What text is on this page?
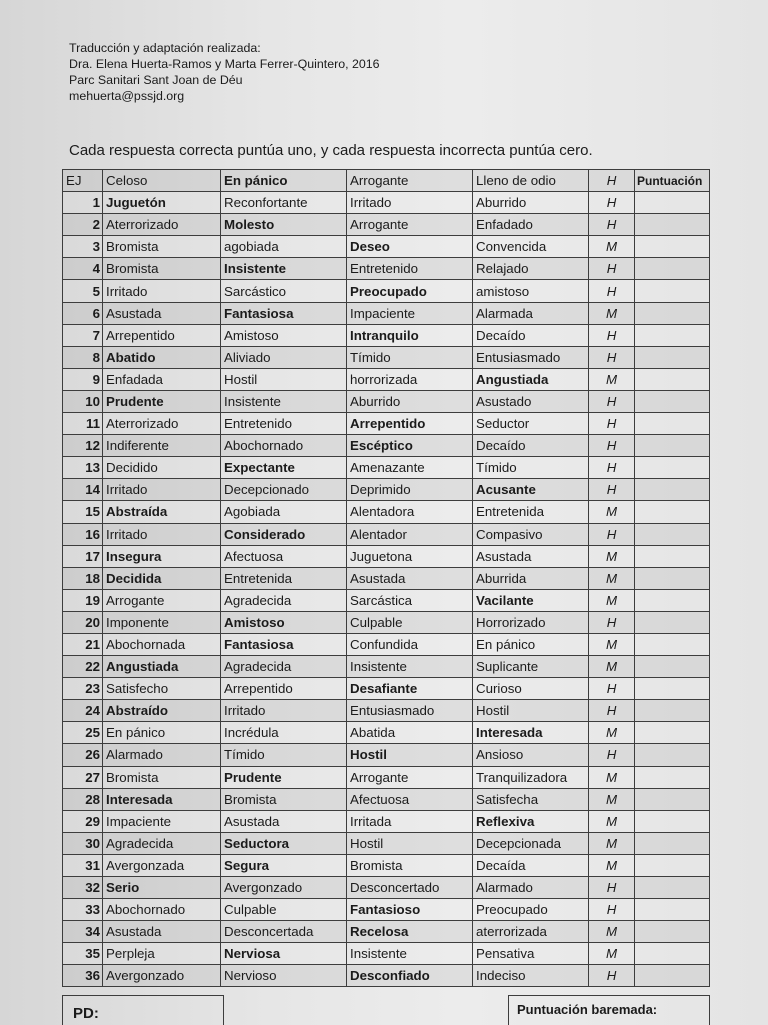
Traducción y adaptación realizada:
Dra. Elena Huerta-Ramos y Marta Ferrer-Quintero, 2016
Parc Sanitari Sant Joan de Déu
mehuerta@pssjd.org
Cada respuesta correcta puntúa uno, y cada respuesta incorrecta puntúa cero.
EJ	Celoso	En pánico	Arrogante	Lleno de odio	H	Puntuación
1	Juguetón	Reconfortante	Irritado	Aburrido	H	
2	Aterrorizado	Molesto	Arrogante	Enfadado	H	
3	Bromista	agobiada	Deseo	Convencida	M	
4	Bromista	Insistente	Entretenido	Relajado	H	
5	Irritado	Sarcástico	Preocupado	amistoso	H	
6	Asustada	Fantasiosa	Impaciente	Alarmada	M	
7	Arrepentido	Amistoso	Intranquilo	Decaído	H	
8	Abatido	Aliviado	Tímido	Entusiasmado	H	
9	Enfadada	Hostil	horrorizada	Angustiada	M	
10	Prudente	Insistente	Aburrido	Asustado	H	
11	Aterrorizado	Entretenido	Arrepentido	Seductor	H	
12	Indiferente	Abochornado	Escéptico	Decaído	H	
13	Decidido	Expectante	Amenazante	Tímido	H	
14	Irritado	Decepcionado	Deprimido	Acusante	H	
15	Abstraída	Agobiada	Alentadora	Entretenida	M	
16	Irritado	Considerado	Alentador	Compasivo	H	
17	Insegura	Afectuosa	Juguetona	Asustada	M	
18	Decidida	Entretenida	Asustada	Aburrida	M	
19	Arrogante	Agradecida	Sarcástica	Vacilante	M	
20	Imponente	Amistoso	Culpable	Horrorizado	H	
21	Abochornada	Fantasiosa	Confundida	En pánico	M	
22	Angustiada	Agradecida	Insistente	Suplicante	M	
23	Satisfecho	Arrepentido	Desafiante	Curioso	H	
24	Abstraído	Irritado	Entusiasmado	Hostil	H	
25	En pánico	Incrédula	Abatida	Interesada	M	
26	Alarmado	Tímido	Hostil	Ansioso	H	
27	Bromista	Prudente	Arrogante	Tranquilizadora	M	
28	Interesada	Bromista	Afectuosa	Satisfecha	M	
29	Impaciente	Asustada	Irritada	Reflexiva	M	
30	Agradecida	Seductora	Hostil	Decepcionada	M	
31	Avergonzada	Segura	Bromista	Decaída	M	
32	Serio	Avergonzado	Desconcertado	Alarmado	H	
33	Abochornado	Culpable	Fantasioso	Preocupado	H	
34	Asustada	Desconcertada	Recelosa	aterrorizada	M	
35	Perpleja	Nerviosa	Insistente	Pensativa	M	
36	Avergonzado	Nervioso	Desconfiado	Indeciso	H	
PD:	Puntuación baremada:
